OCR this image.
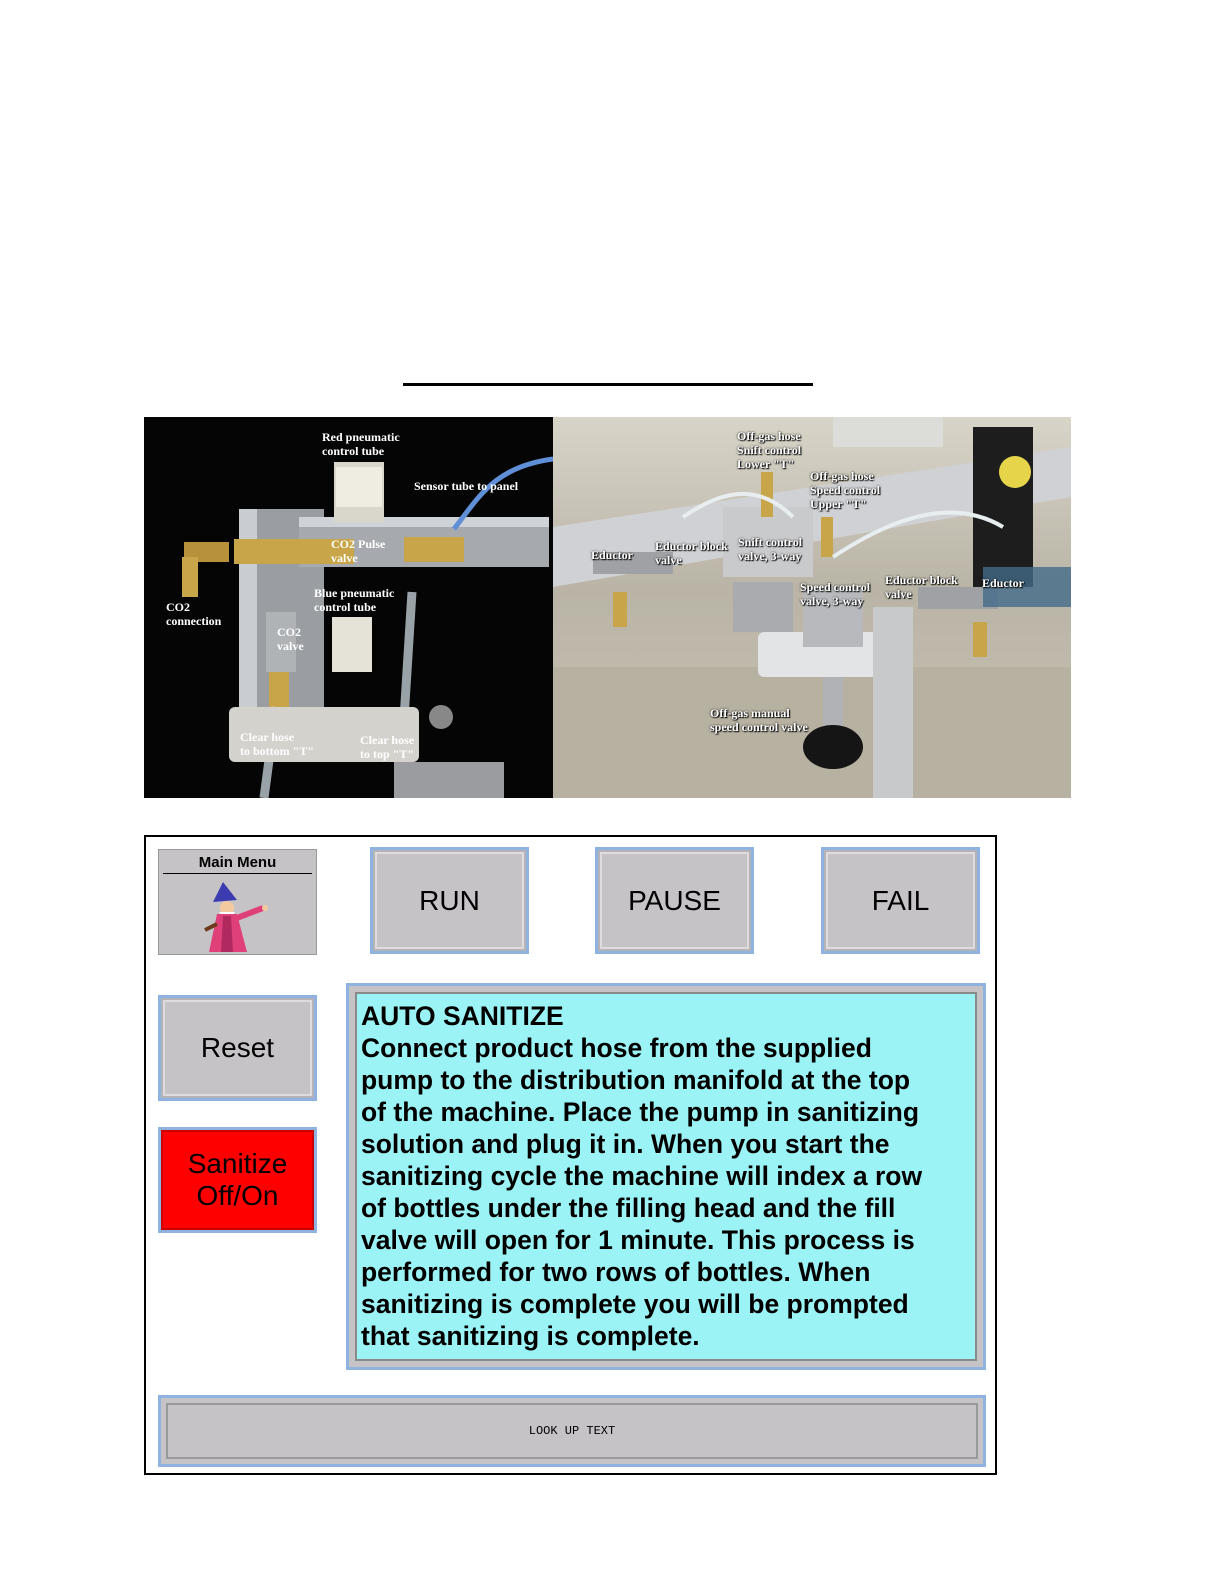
Red pneumatic
control tube
Sensor tube to panel
CO2 Pulse
valve
CO2
connection
Blue pneumatic
control tube
CO2
valve
Clear hose
to bottom "T"
Clear hose
to top "T"
Off-gas hose
Snift control
Lower "T"
Off-gas hose
Speed control
Upper "T"
Eductor
Eductor block
valve
Snift control
valve, 3-way
Speed control
valve, 3-way
Eductor block
valve
Eductor
Off-gas manual
speed control valve
Main Menu
RUN	PAUSE	FAIL
Reset
Sanitize
Off/On
AUTO SANITIZE
Connect product hose from the supplied
pump to the distribution manifold at the top
of the machine. Place the pump in sanitizing
solution and plug it in. When you start the
sanitizing cycle the machine will index a row
of bottles under the filling head and the fill
valve will open for 1 minute. This process is
performed for two rows of bottles. When
sanitizing is complete you will be prompted
that sanitizing is complete.
LOOK UP TEXT
